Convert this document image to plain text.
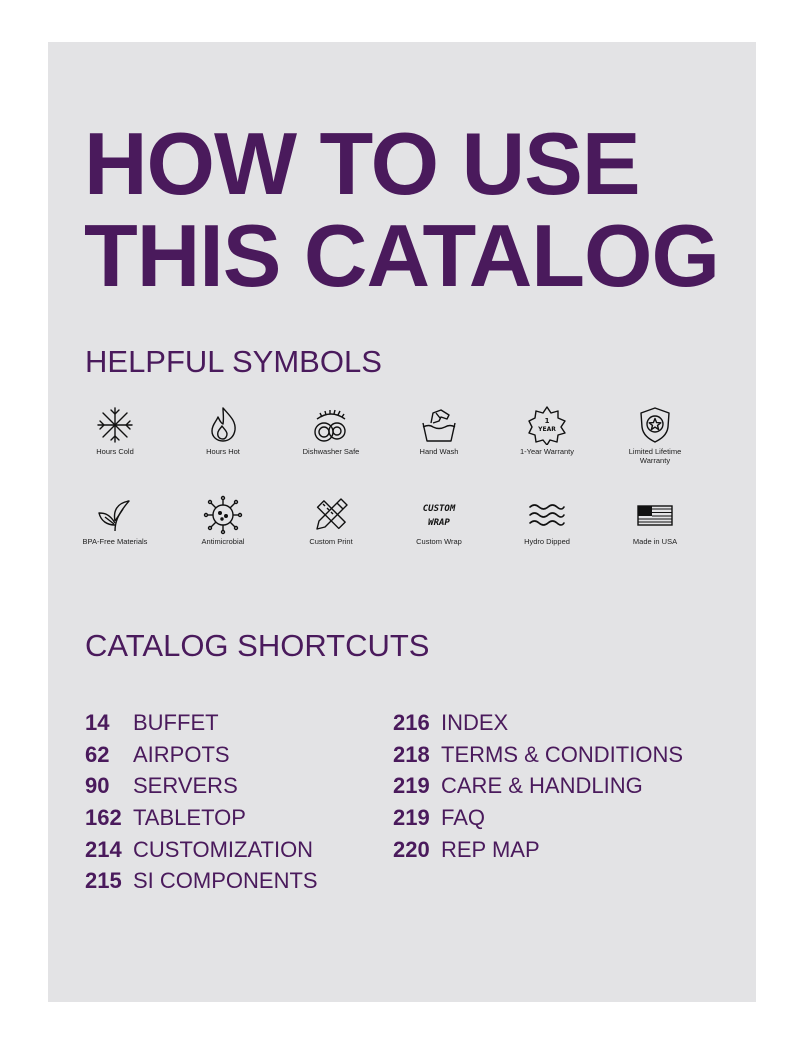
HOW TO USE
THIS CATALOG
HELPFUL SYMBOLS
Hours Cold	Hours Hot	Dishwasher Safe	Hand Wash
1
YEAR
1-Year Warranty	Limited Lifetime Warranty
BPA-Free Materials	Antimicrobial	Custom Print
CUSTOM
WRAP
Custom Wrap	Hydro Dipped	Made in USA
CATALOG SHORTCUTS
14 BUFFET
62 AIRPOTS
90 SERVERS
162 TABLETOP
214 CUSTOMIZATION
215 SI COMPONENTS
216 INDEX
218 TERMS & CONDITIONS
219 CARE & HANDLING
219 FAQ
220 REP MAP
